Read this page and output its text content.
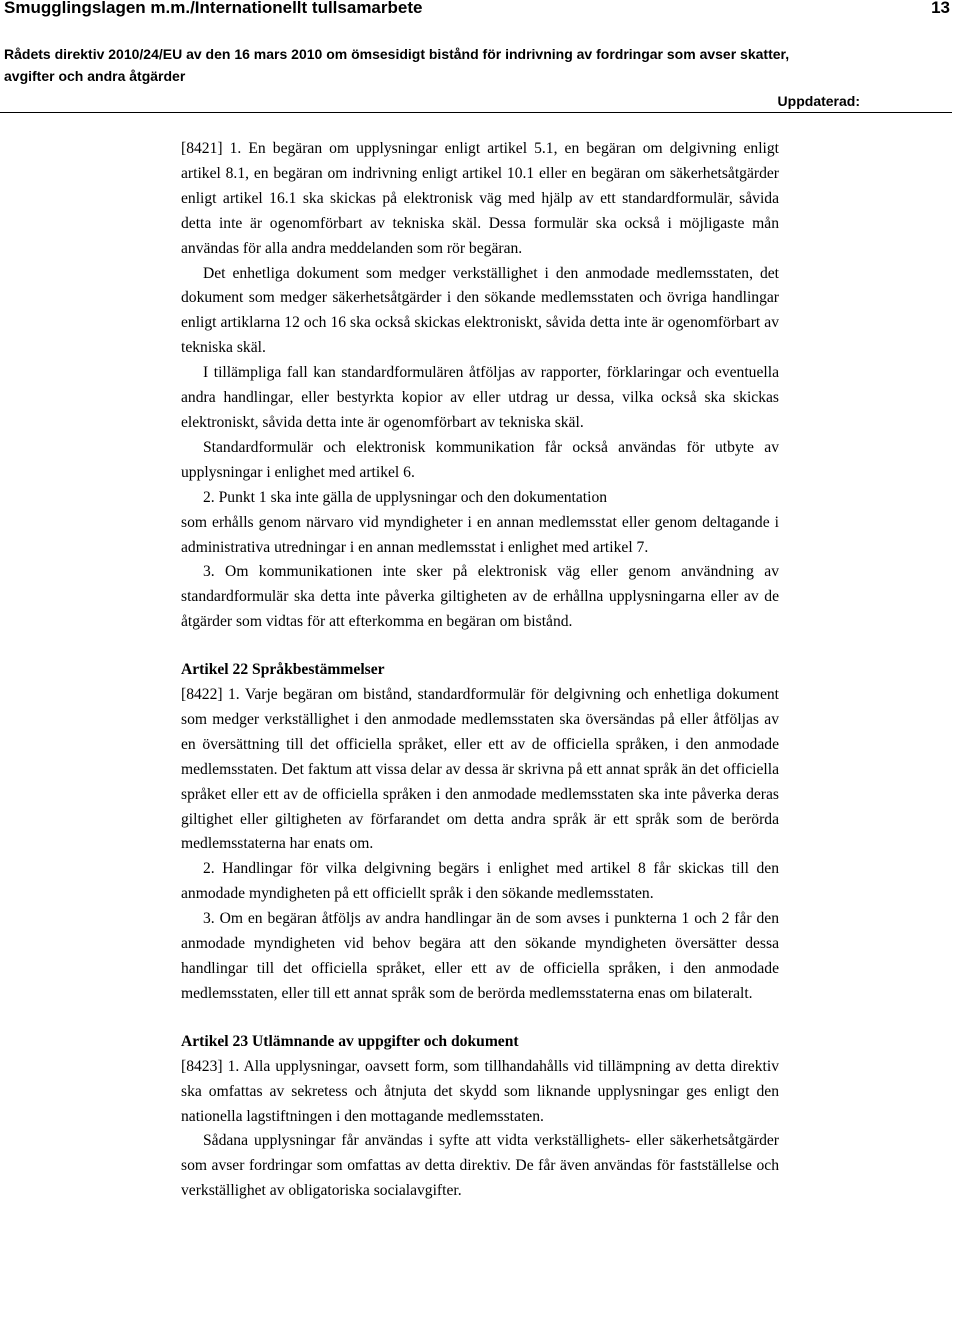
Smugglingslagen m.m./Internationellt tullsamarbete	13
Rådets direktiv 2010/24/EU av den 16 mars 2010 om ömsesidigt bistånd för indrivning av fordringar som avser skatter,
avgifter och andra åtgärder
Uppdaterad:

[8421] 1. En begäran om upplysningar enligt artikel 5.1, en begäran om delgivning enligt artikel 8.1, en begäran om indrivning enligt artikel 10.1 eller en begäran om säkerhetsåtgärder enligt artikel 16.1 ska skickas på elektronisk väg med hjälp av ett standardformulär, såvida detta inte är ogenomförbart av tekniska skäl. Dessa formulär ska också i möjligaste mån användas för alla andra meddelanden som rör begäran.

Det enhetliga dokument som medger verkställighet i den anmodade medlemsstaten, det dokument som medger säkerhetsåtgärder i den sökande medlemsstaten och övriga handlingar enligt artiklarna 12 och 16 ska också skickas elektroniskt, såvida detta inte är ogenomförbart av tekniska skäl.

I tillämpliga fall kan standardformulären åtföljas av rapporter, förklaringar och eventuella andra handlingar, eller bestyrkta kopior av eller utdrag ur dessa, vilka också ska skickas elektroniskt, såvida detta inte är ogenomförbart av tekniska skäl.

Standardformulär och elektronisk kommunikation får också användas för utbyte av upplysningar i enlighet med artikel 6.

2. Punkt 1 ska inte gälla de upplysningar och den dokumentation

som erhålls genom närvaro vid myndigheter i en annan medlemsstat eller genom deltagande i administrativa utredningar i en annan medlemsstat i enlighet med artikel 7.

3. Om kommunikationen inte sker på elektronisk väg eller genom användning av standardformulär ska detta inte påverka giltigheten av de erhållna upplysningarna eller av de åtgärder som vidtas för att efterkomma en begäran om bistånd.

Artikel 22 Språkbestämmelser

[8422] 1. Varje begäran om bistånd, standardformulär för delgivning och enhetliga dokument som medger verkställighet i den anmodade medlemsstaten ska översändas på eller åtföljas av en översättning till det officiella språket, eller ett av de officiella språken, i den anmodade medlemsstaten. Det faktum att vissa delar av dessa är skrivna på ett annat språk än det officiella språket eller ett av de officiella språken i den anmodade medlemsstaten ska inte påverka deras giltighet eller giltigheten av förfarandet om detta andra språk är ett språk som de berörda medlemsstaterna har enats om.

2. Handlingar för vilka delgivning begärs i enlighet med artikel 8 får skickas till den anmodade myndigheten på ett officiellt språk i den sökande medlemsstaten.

3. Om en begäran åtföljs av andra handlingar än de som avses i punkterna 1 och 2 får den anmodade myndigheten vid behov begära att den sökande myndigheten översätter dessa handlingar till det officiella språket, eller ett av de officiella språken, i den anmodade medlemsstaten, eller till ett annat språk som de berörda medlemsstaterna enas om bilateralt.

Artikel 23 Utlämnande av uppgifter och dokument

[8423] 1. Alla upplysningar, oavsett form, som tillhandahålls vid tillämpning av detta direktiv ska omfattas av sekretess och åtnjuta det skydd som liknande upplysningar ges enligt den nationella lagstiftningen i den mottagande medlemsstaten.

Sådana upplysningar får användas i syfte att vidta verkställighets- eller säkerhetsåtgärder som avser fordringar som omfattas av detta direktiv. De får även användas för fastställelse och verkställighet av obligatoriska socialavgifter.
